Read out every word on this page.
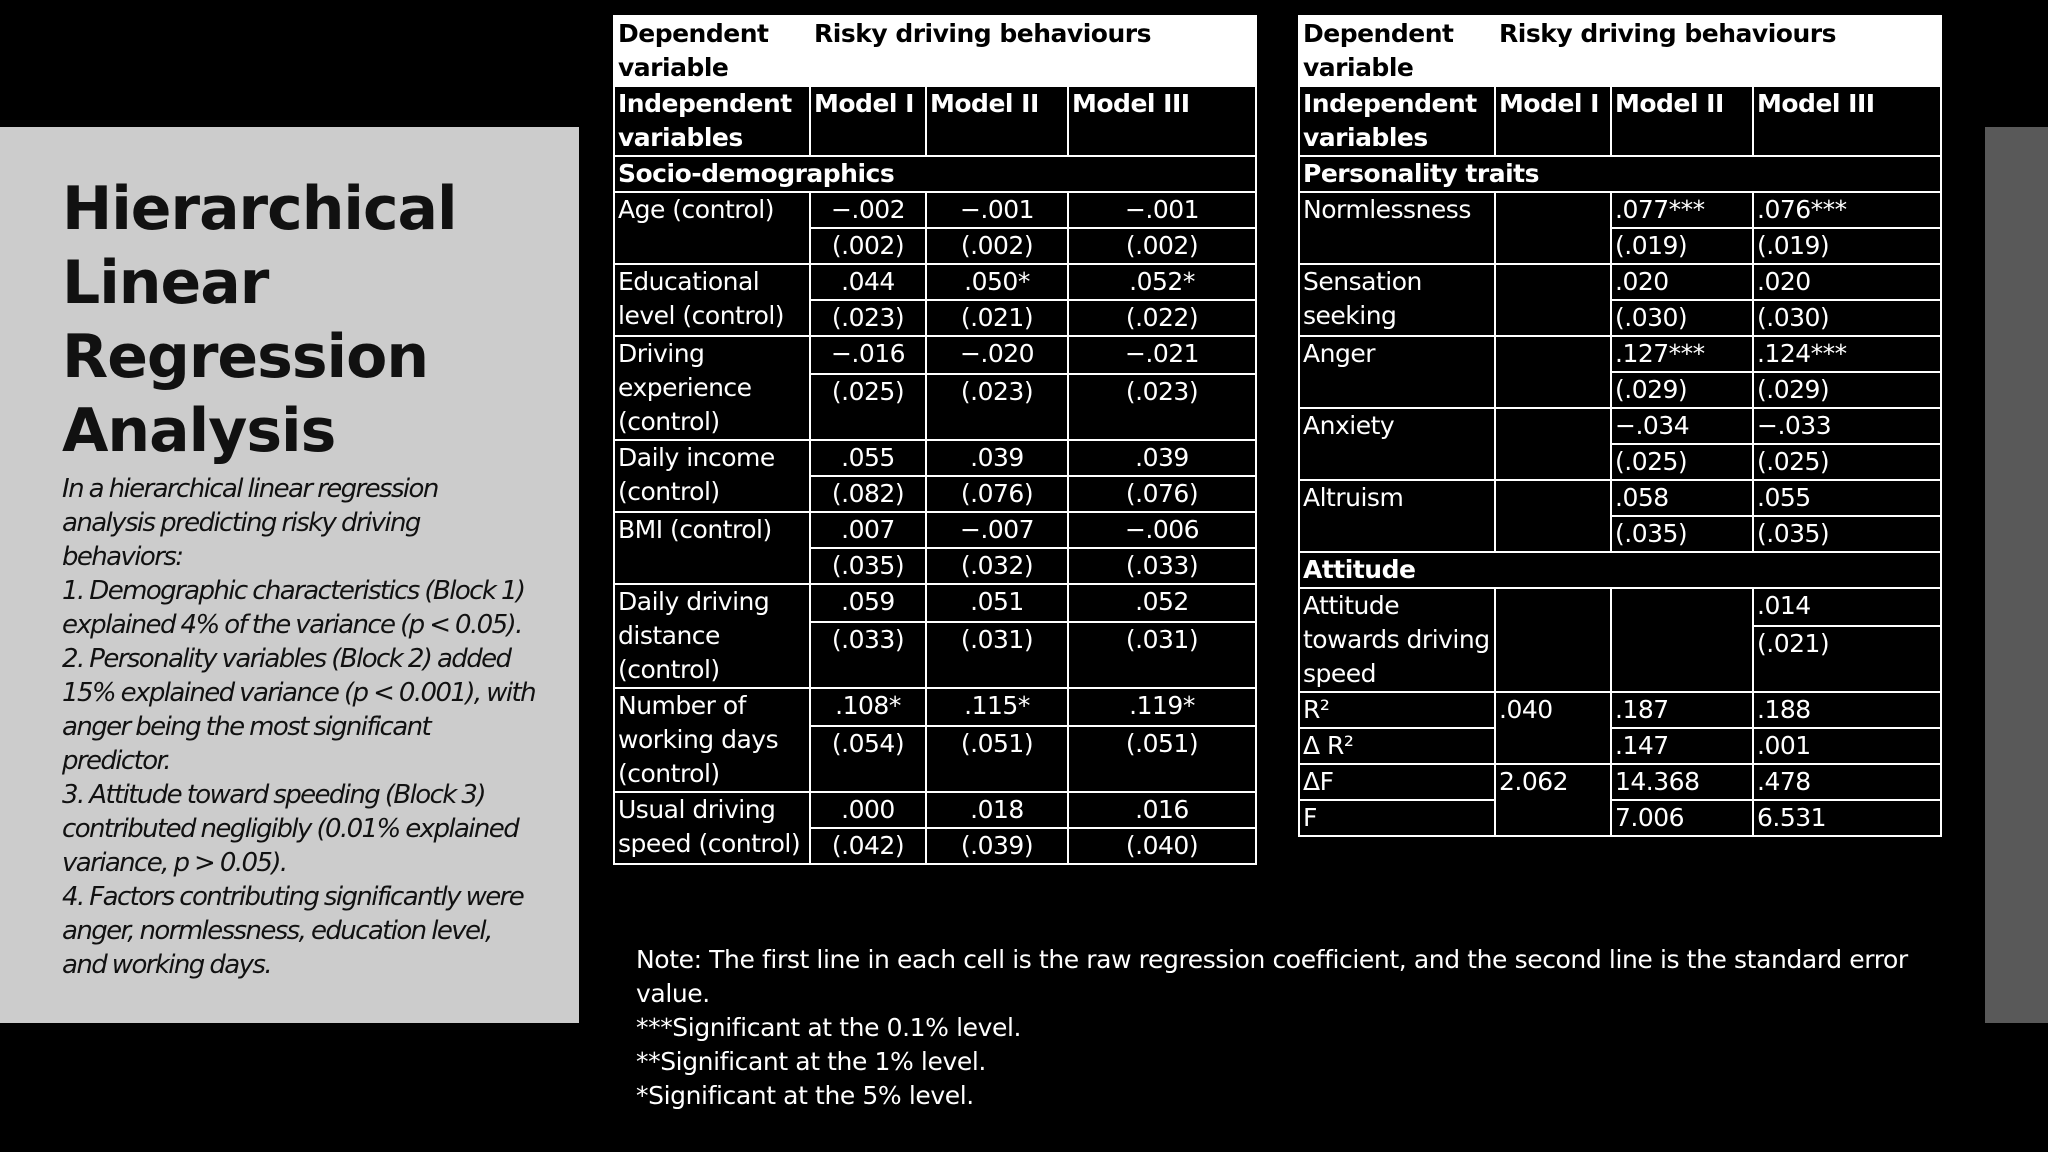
Hierarchical
Linear
Regression
Analysis
In a hierarchical linear regression
analysis predicting risky driving
behaviors:
1. Demographic characteristics (Block 1)
explained 4% of the variance (p < 0.05).
2. Personality variables (Block 2) added
15% explained variance (p < 0.001), with
anger being the most significant
predictor.
3. Attitude toward speeding (Block 3)
contributed negligibly (0.01% explained
variance, p > 0.05).
4. Factors contributing significantly were
anger, normlessness, education level,
and working days.
Dependent variable	Risky driving behaviours		
Independent variables	Model I	Model II	Model III
Socio-demographics			
Age (control)	−.002	−.001	−.001
	(.002)	(.002)	(.002)
Educational level (control)	.044	.050*	.052*
	(.023)	(.021)	(.022)
Driving experience (control)	−.016	−.020	−.021
	(.025)	(.023)	(.023)
Daily income (control)	.055	.039	.039
	(.082)	(.076)	(.076)
BMI (control)	.007	−.007	−.006
	(.035)	(.032)	(.033)
Daily driving distance (control)	.059	.051	.052
	(.033)	(.031)	(.031)
Number of working days (control)	.108*	.115*	.119*
	(.054)	(.051)	(.051)
Usual driving speed (control)	.000	.018	.016
	(.042)	(.039)	(.040)
Dependent variable	Risky driving behaviours		
Independent variables	Model I	Model II	Model III
Personality traits			
Normlessness		.077***	.076***
		(.019)	(.019)
Sensation seeking		.020	.020
		(.030)	(.030)
Anger		.127***	.124***
		(.029)	(.029)
Anxiety		−.034	−.033
		(.025)	(.025)
Altruism		.058	.055
		(.035)	(.035)
Attitude			
Attitude towards driving speed			.014
			(.021)
R²	.040	.187	.188
Δ R²		.147	.001
ΔF	2.062	14.368	.478
F		7.006	6.531
Note: The first line in each cell is the raw regression coefficient, and the second line is the standard error
value.
***Significant at the 0.1% level.
**Significant at the 1% level.
*Significant at the 5% level.
